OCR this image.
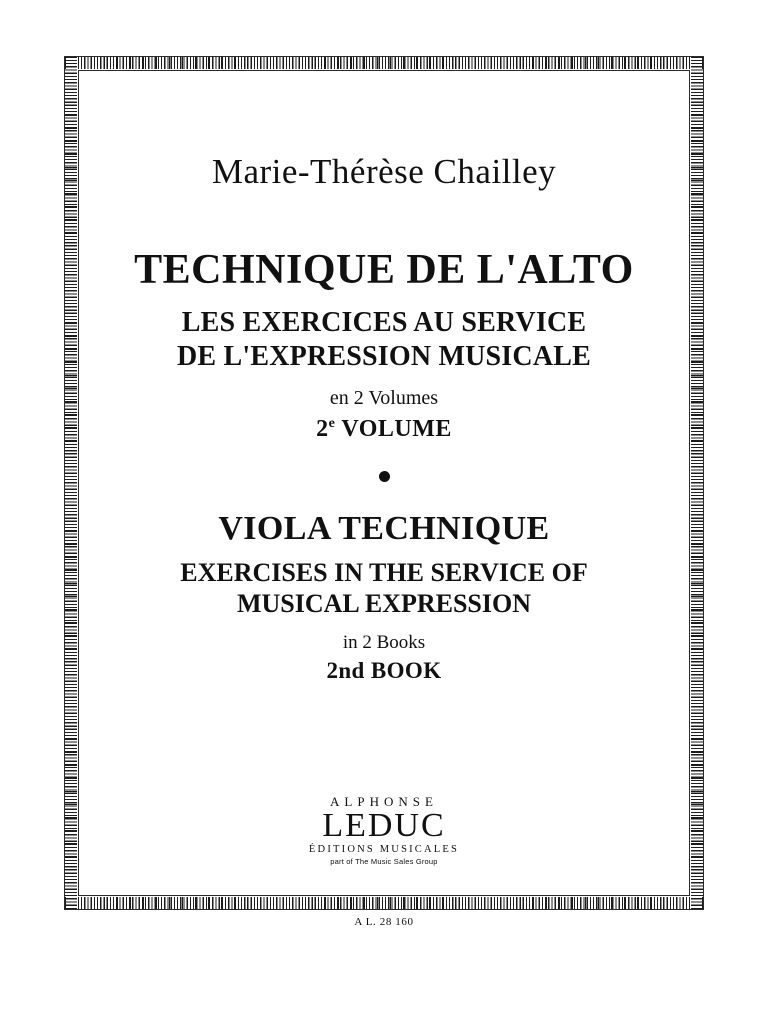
Marie-Thérèse Chailley
TECHNIQUE DE L'ALTO
LES EXERCICES AU SERVICE
DE L'EXPRESSION MUSICALE
en 2 Volumes
2e VOLUME
VIOLA TECHNIQUE
EXERCISES IN THE SERVICE OF
MUSICAL EXPRESSION
in 2 Books
2nd BOOK
ALPHONSE
LEDUC
ÉDITIONS MUSICALES
part of The Music Sales Group
A L. 28 160
